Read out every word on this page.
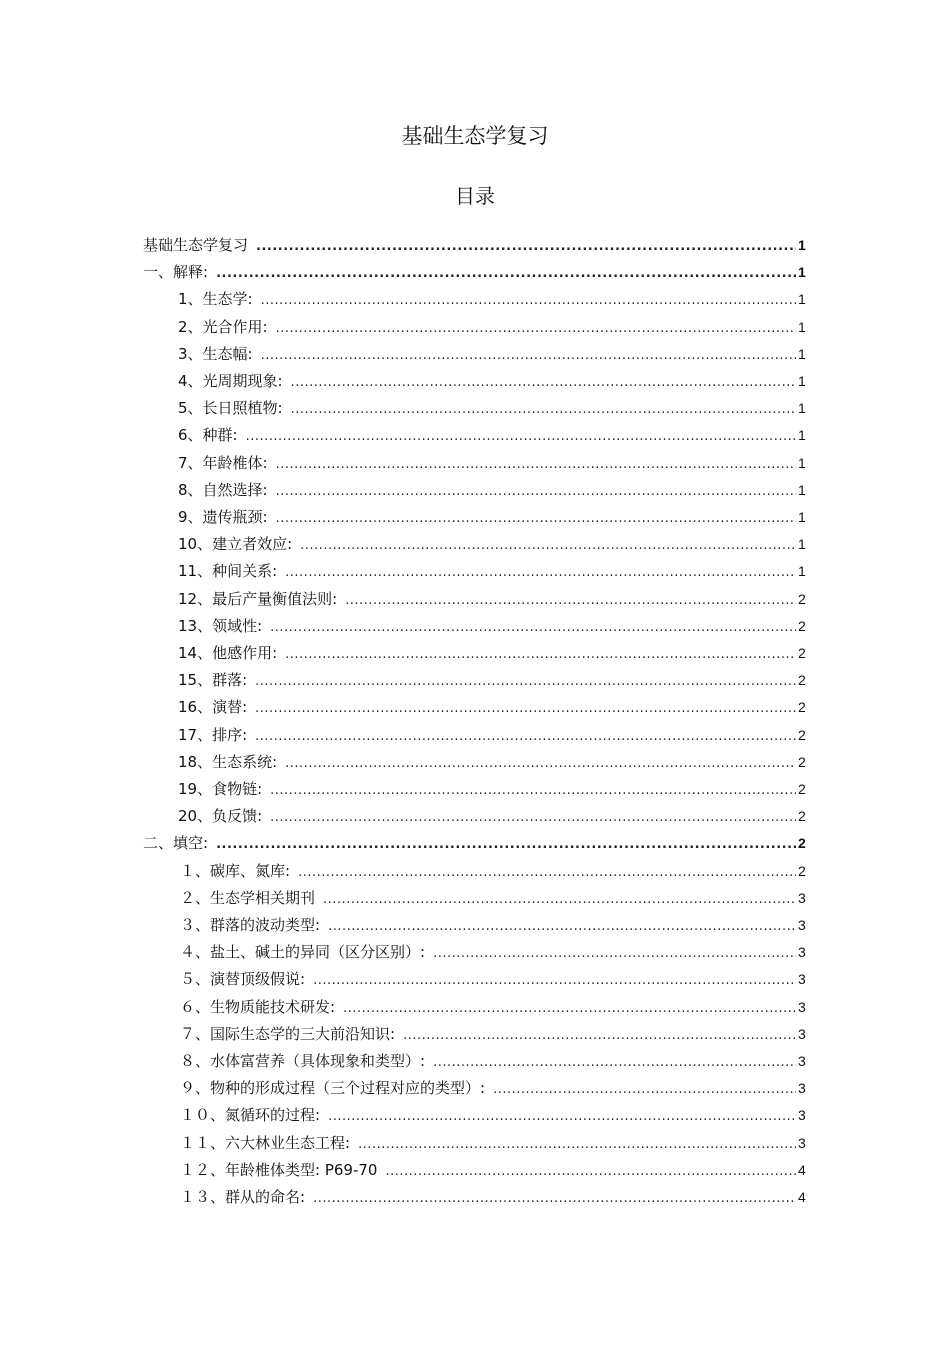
基础生态学复习
目录
基础生态学复习 .....	1
一、 解释: .....	1
1、 生态学: .....	1
2、 光合作用: .....	1
3、 生态幅: .....	1
4、 光周期现象: .....	1
5、 长日照植物: .....	1
6、 种群: .....	1
7、 年龄椎体: .....	1
8、 自然选择: .....	1
9、 遗传瓶颈: .....	1
10、 建立者效应: .....	1
11、 种间关系: .....	1
12、 最后产量衡值法则: .....	2
13、 领域性: .....	2
14、 他感作用: .....	2
15、 群落: .....	2
16、 演替: .....	2
17、 排序: .....	2
18、 生态系统: .....	2
19、 食物链: .....	2
20、 负反馈: .....	2
二、 填空: .....	2
１、 碳库、氮库: .....	2
２、 生态学相关期刊 .....	3
３、 群落的波动类型: .....	3
４、 盐土、碱土的异同（区分区别）: .....	3
５、 演替顶级假说: .....	3
６、 生物质能技术研发: .....	3
７、 国际生态学的三大前沿知识: .....	3
８、 水体富营养（具体现象和类型）: .....	3
９、 物种的形成过程（三个过程对应的类型）: .....	3
１０、 氮循环的过程: .....	3
１１、 六大林业生态工程: .....	3
１２、 年龄椎体类型: P69-70 .....	4
１３、 群从的命名: .....	4
